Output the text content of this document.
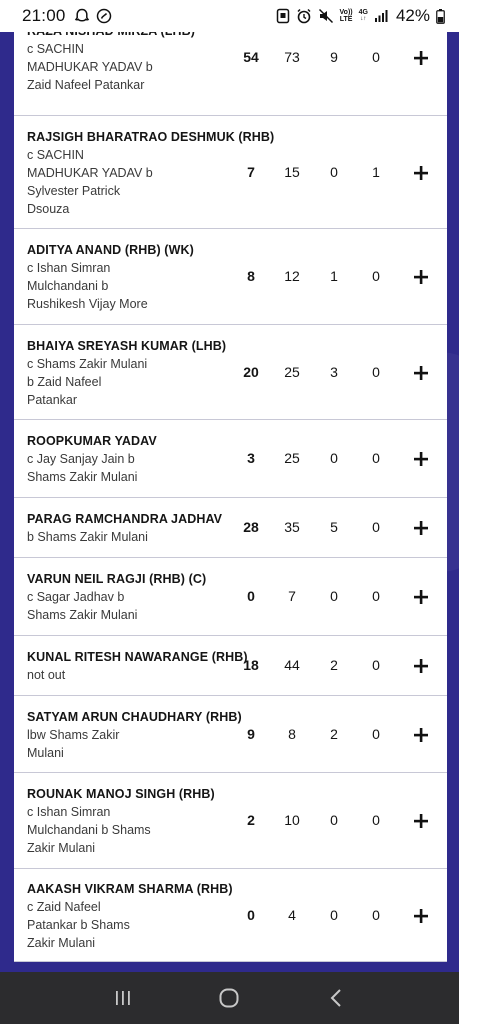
21:00	Vo))
LTE
4G
↓↑ 42%
c SACHIN
MADHUKAR YADAV b
Zaid Nafeel Patankar
54	73	9	0
RAJSIGH BHARATRAO DESHMUK (RHB)
c SACHIN
MADHUKAR YADAV b
Sylvester Patrick
Dsouza
7	15	0	1
ADITYA ANAND (RHB) (WK)
c Ishan Simran
Mulchandani b
Rushikesh Vijay More
8	12	1	0
BHAIYA SREYASH KUMAR (LHB)
c Shams Zakir Mulani
b Zaid Nafeel
Patankar
20	25	3	0
ROOPKUMAR YADAV
c Jay Sanjay Jain b
Shams Zakir Mulani
3	25	0	0
PARAG RAMCHANDRA JADHAV
b Shams Zakir Mulani
28	35	5	0
VARUN NEIL RAGJI (RHB) (C)
c Sagar Jadhav b
Shams Zakir Mulani
0	7	0	0
KUNAL RITESH NAWARANGE (RHB)
not out
18	44	2	0
SATYAM ARUN CHAUDHARY (RHB)
lbw Shams Zakir
Mulani
9	8	2	0
ROUNAK MANOJ SINGH (RHB)
c Ishan Simran
Mulchandani b Shams
Zakir Mulani
2	10	0	0
AAKASH VIKRAM SHARMA (RHB)
c Zaid Nafeel
Patankar b Shams
Zakir Mulani
0	4	0	0
